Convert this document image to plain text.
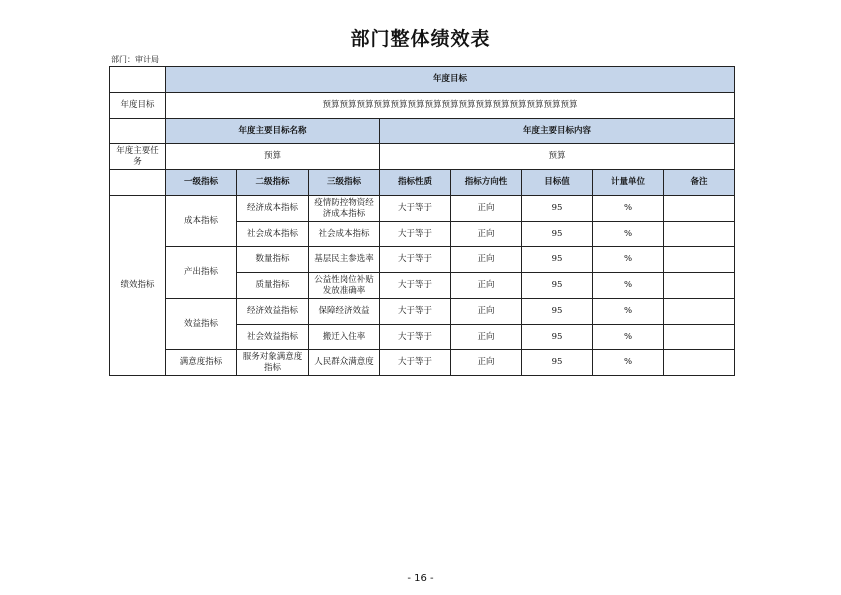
部门整体绩效表
部门：审计局
	年度目标							
年度目标	预算预算预算预算预算预算预算预算预算预算预算预算预算预算预算							
	年度主要目标名称			年度主要目标内容				
年度主要任务	预算			预算				
	一级指标	二级指标	三级指标	指标性质	指标方向性	目标值	计量单位	备注
绩效指标	成本指标	经济成本指标	疫情防控物资经济成本指标	大于等于	正向	95	%	
		社会成本指标	社会成本指标	大于等于	正向	95	%	
	产出指标	数量指标	基层民主参选率	大于等于	正向	95	%	
		质量指标	公益性岗位补贴发放准确率	大于等于	正向	95	%	
	效益指标	经济效益指标	保障经济效益	大于等于	正向	95	%	
		社会效益指标	搬迁入住率	大于等于	正向	95	%	
	满意度指标	服务对象满意度指标	人民群众满意度	大于等于	正向	95	%	
- 16 -
